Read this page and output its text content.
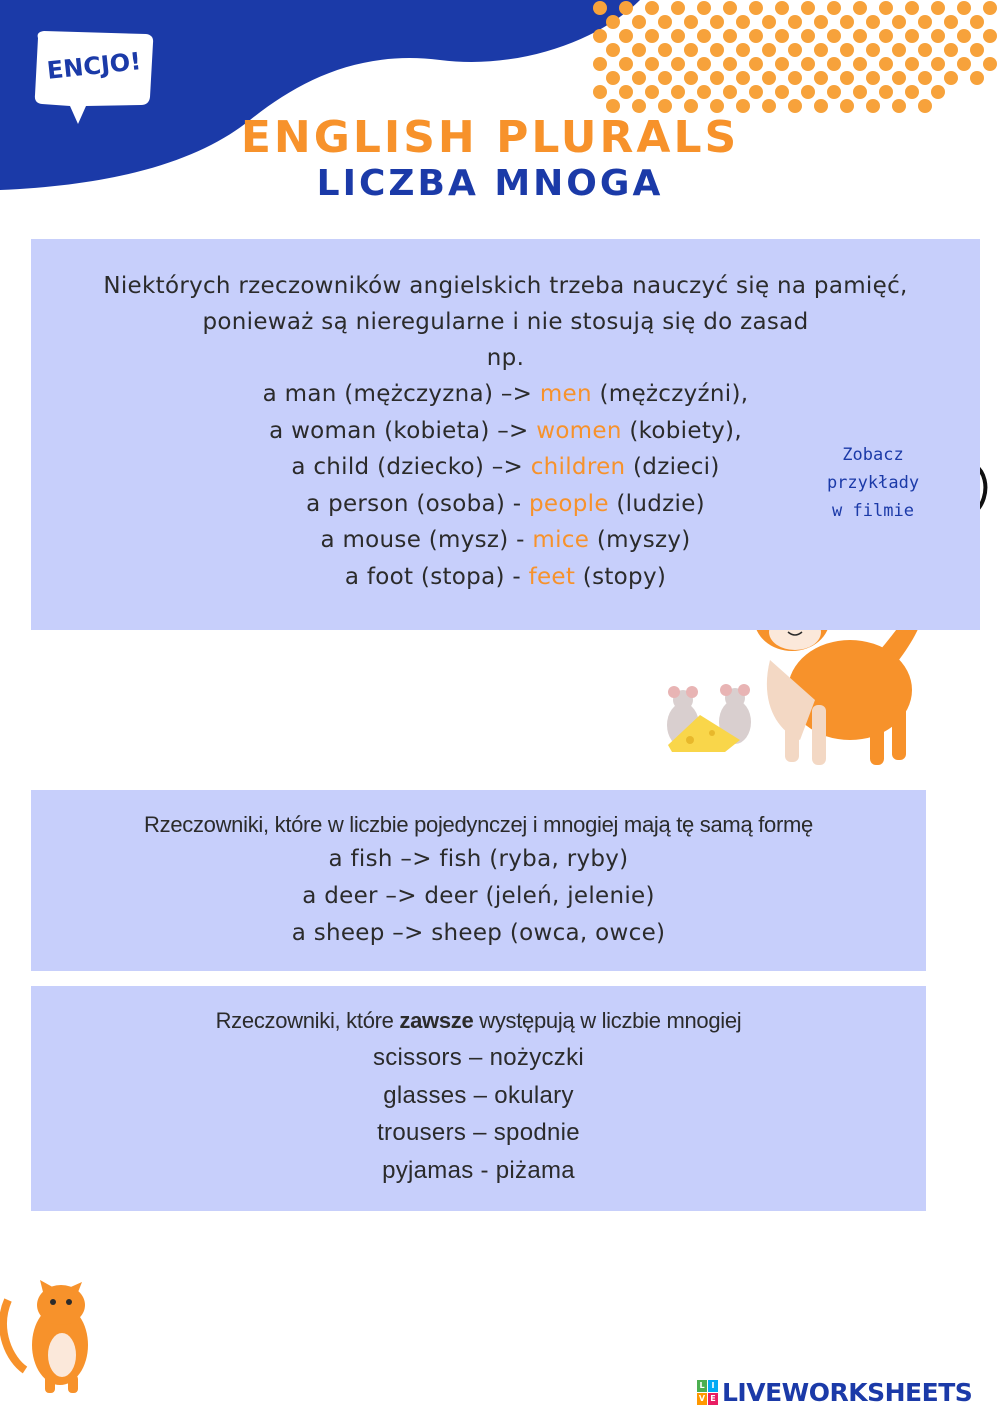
ENCJO!
ENGLISH PLURALS
LICZBA MNOGA
Niektórych rzeczowników angielskich trzeba nauczyć się na pamięć,
ponieważ są nieregularne i nie stosują się do zasad
np.
a man (mężczyzna) –> men (mężczyźni),
a woman (kobieta) –> women (kobiety),
a child (dziecko) –> children (dzieci)
a person (osoba) - people (ludzie)
a mouse (mysz) - mice (myszy)
a foot (stopa) - feet (stopy)
Zobacz
przykłady
w filmie
Rzeczowniki, które w liczbie pojedynczej i mnogiej mają tę samą formę
a fish –> fish (ryba, ryby)
a deer –> deer (jeleń, jelenie)
a sheep –> sheep (owca, owce)
Rzeczowniki, które zawsze występują w liczbie mnogiej
scissors – nożyczki
glasses – okulary
trousers – spodnie
pyjamas - piżama
L I
V E LIVEWORKSHEETS
